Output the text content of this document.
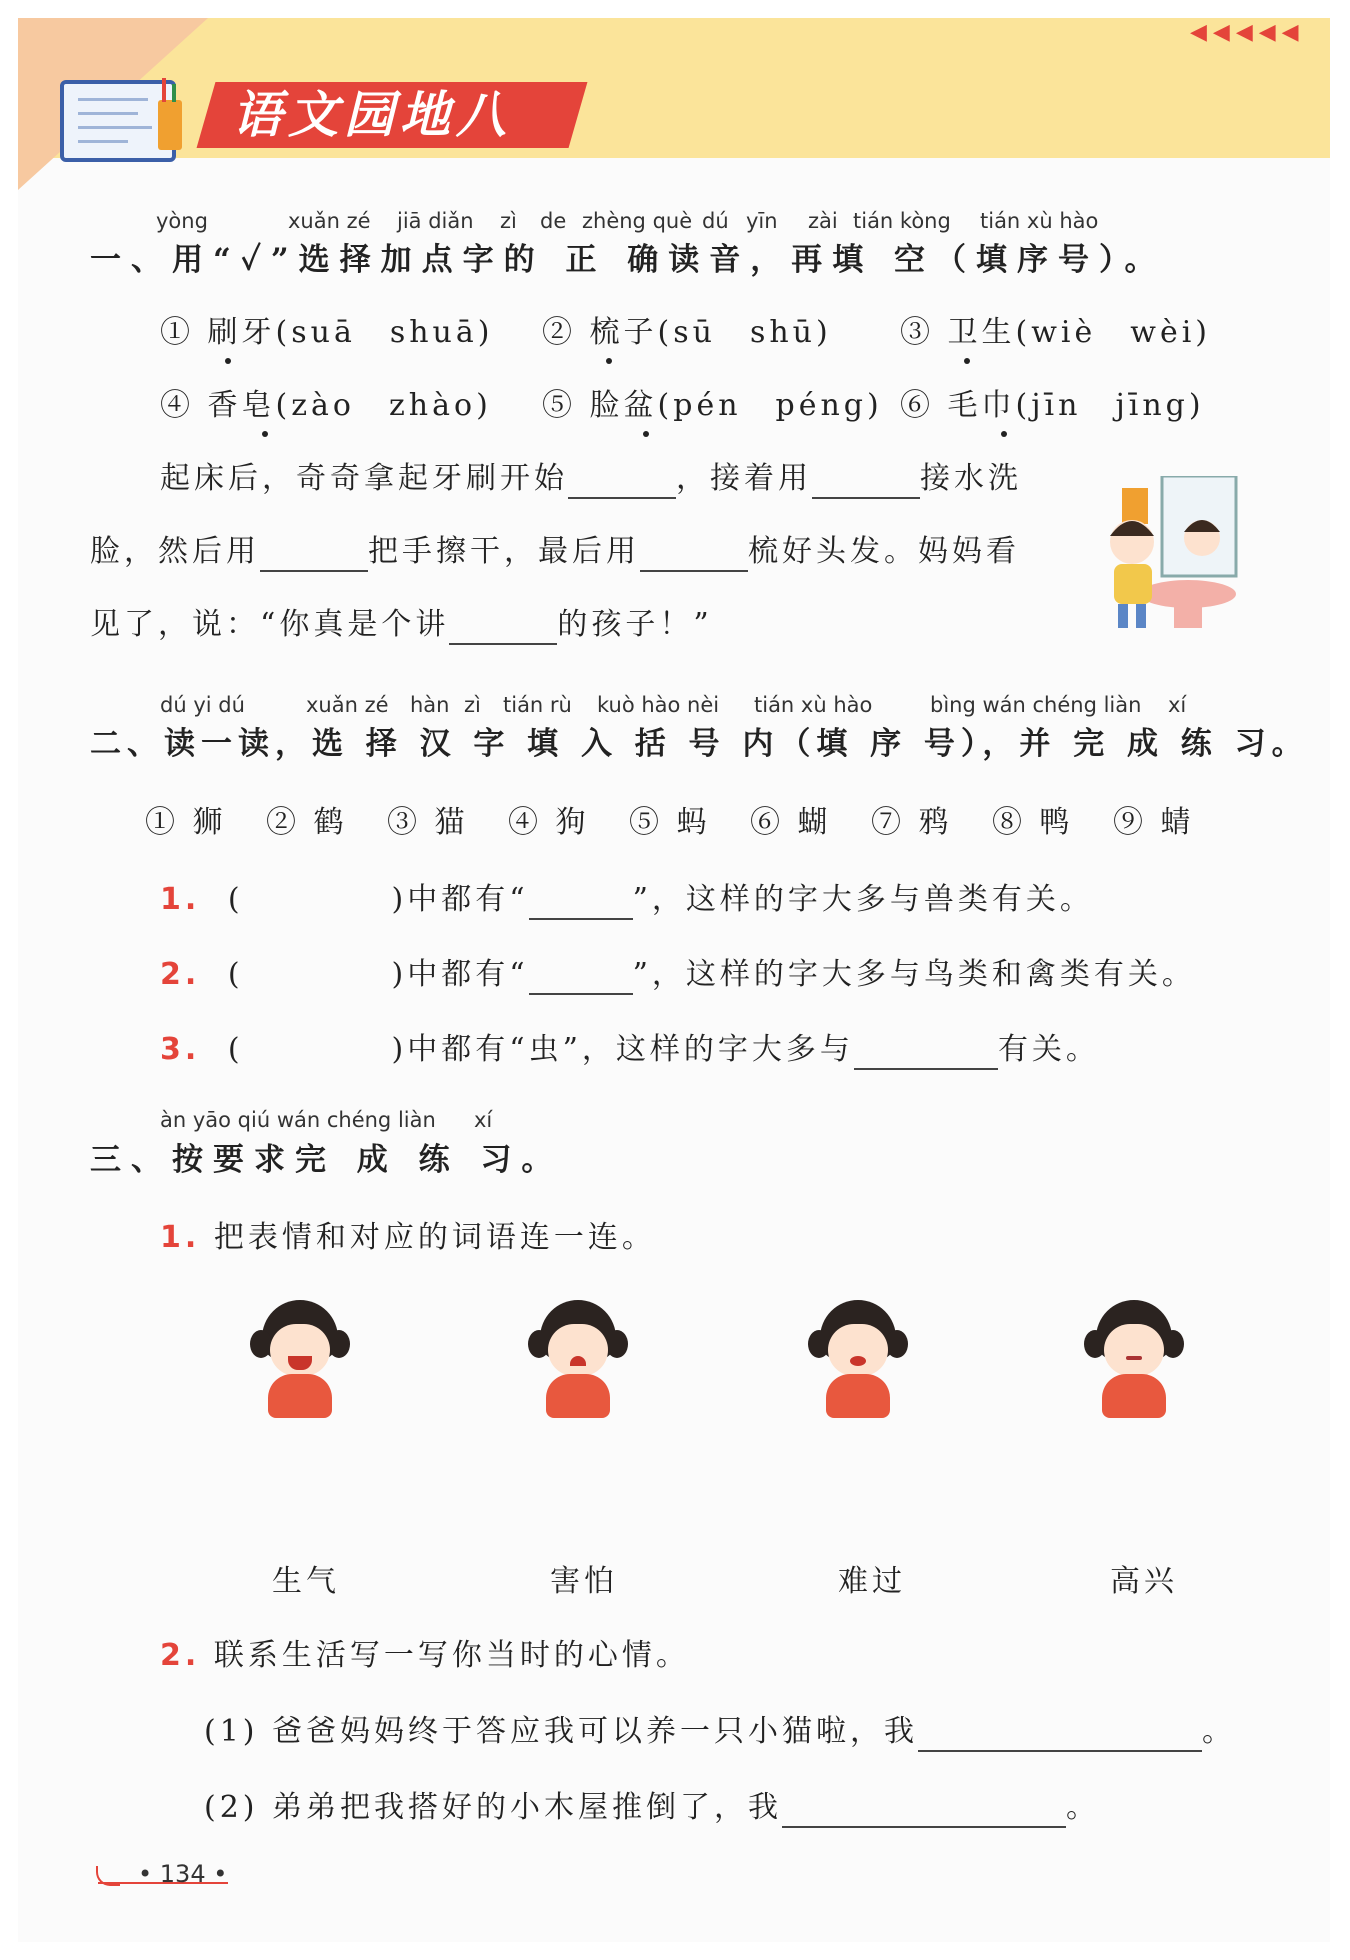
语文园地八
◀◀◀◀◀
yòng	xuǎn zé jiā diǎn zì de zhèng què dú yīn zài tián kòng tián xù hào
一、用“✓”选择加点字的 正 确读音，再填 空（填序号）。
① 刷牙(suā　shuā) ② 梳子(sū　shū) ③ 卫生(wiè　wèi)
④ 香皂(zào　zhào) ⑤ 脸盆(pén　péng) ⑥ 毛巾(jīn　jīng)
起床后，奇奇拿起牙刷开始	，接着用	接水洗
脸，然后用	把手擦干，最后用	梳好头发。妈妈看
见了，说：“你真是个讲	的孩子！”
dú yi dú	xuǎn zé hàn zì tián rù kuò hào nèi tián xù hào	bìng wán chéng liàn xí
二、读一读，选 择 汉 字 填 入 括 号 内（填 序 号），并 完 成 练 习。
① 狮 ② 鹤 ③ 猫 ④ 狗 ⑤ 蚂 ⑥ 蝴 ⑦ 鸦 ⑧ 鸭 ⑨ 蜻
1. (	)中都有“	”，这样的字大多与兽类有关。
2. (	)中都有“	”，这样的字大多与鸟类和禽类有关。
3. (	)中都有“虫”，这样的字大多与	有关。
àn yāo qiú wán chéng liàn xí
三、按要求完 成 练 习。
1. 把表情和对应的词语连一连。
生气	害怕	难过	高兴
2. 联系生活写一写你当时的心情。
(1) 爸爸妈妈终于答应我可以养一只小猫啦，我	。
(2) 弟弟把我搭好的小木屋推倒了，我	。
• 134 •
